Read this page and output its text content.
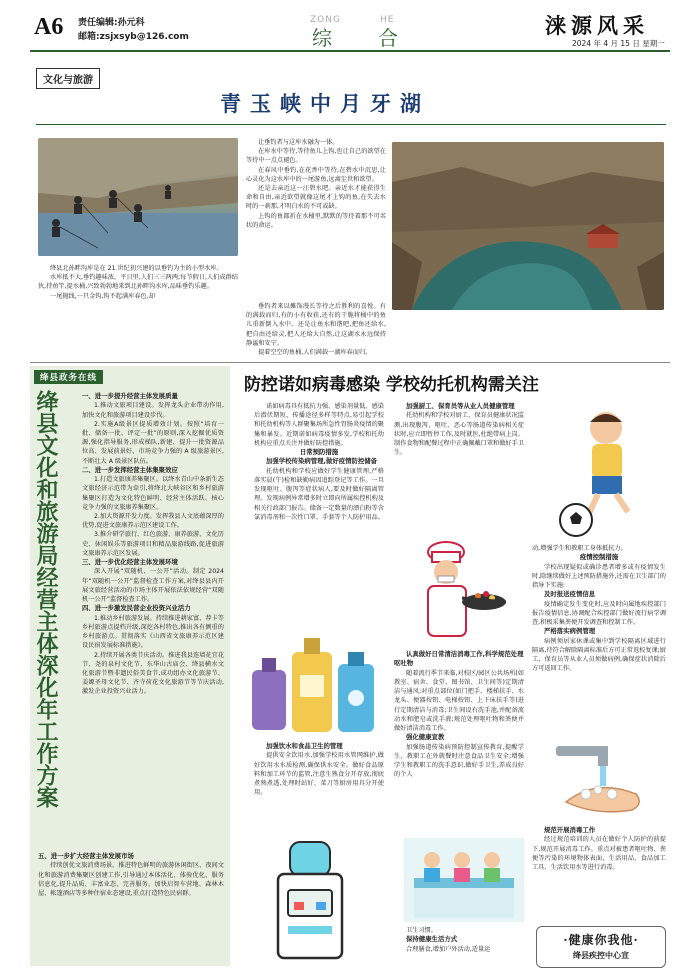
A6 责任编辑:孙元科
邮箱:zsjxsyb@126.com
ZONG	HE
综 合	涞源风采
2024 年 4 月 15 日 星期一
文化与旅游
青玉峡中月牙湖

绛县北孙畔沟库是在 21 世纪初兴建的以垂钓为主的小型水库。

水库抵不大,垂钓趣味浓。平日里,人们三三两两;每节假日,人们成群结伙,持鱼竿,提水桶,兴致勃勃地来到北孙畔沟水库,品味垂钓乐趣。

一尾抛线,一只金钩,钩不起满库春色,却

让垂钓者与这库水融为一体。

在库水中等待,等待鱼儿上钩,也让自己的欲望在等待中一点点褪色。

在春风中垂钓,在花香中等待,在碧水中沉思,让心灵化为这水库中的一尾游鱼,远离尘世和欲望。

还是去亲近这一汪碧水吧。亲近水才能获得生命和自由,亲近欲望就像这尾才上钩的鱼,在失去水时的一刹那,才明白水的不可或缺。

上钩的鱼都祈在水桶里,默默的等待着那不可名状的命运。

垂钓者来以摊饰漫长等待之后胜利的喜悦。有的满载而归,有的小有收获,还有的干脆将桶中的鱼儿重新倒入水中。还是让鱼水和谐吧,把鱼还给水,把自由还给灵,把人还给大自然,让这湖水永远保持静谧和安宁。

提着空空的鱼桶,人们满载一湖库春而归。

绛县政务在线
绛县文化和旅游局经营主体深化年工作方案	一、进一步提升经营主体发展质量
1.推动文旅项目建设。发挥龙头企业带动作用,加快文化和旅游项目建设步伐。
2.实施A级景区提质增效计划。按照“培育一批、储备一批、评定一批”的原则,深入挖掘优质资源,强化指导服务,形成梯队,新建、提升一批资源品位高、发展前景好、市场竞争力强的 A 级旅游景区,不断壮大 A 级景区队伍。
二、进一步发挥经营主体集聚效应
1.打造文旅康养集聚区。以绛水青山中条新生态文旅经济示范带为牵引,将绛北大峡谷区和乡村旅游集聚区打造为文化特色鲜明、经营主体活跃、核心竞争力强的文旅康养集聚区。
2.加大资源开发力度。发挥我县人文底蕴深厚的优势,促进文旅康养示范区建设工作。
3.推介研学旅行、红色旅游、康养旅游、文化历史、休闲娱乐等旅游项目和精品旅游线路,促进旅游文旅康养示范区发展。
三、进一步优化经营主体发展环境
深入开展“双随机、一公开”活动。制定 2024 年“双随机一公开”监督检查工作方案,对绛县县内开展文旅经营活动的市场主体开展依法依规经营“双随机一公开”监督检查工作。
四、进一步激发民营企业投资兴业活力
1.推动乡村旅游发展。持续推进耕家富、荐卡等乡村旅游点提档升级,深挖各村特色,推出各有侧重的乡村旅游点。贯彻落实《山西省文旅康养示范区建设民宿发展标准措施》。
2.持续开展各类节庆活动。推进我县连墙花宜花节、尧的泉村文化节、东华山古庙会、绛县横水文化旅游节暨非遗民俗美食节,成功组办文化旅游节、姜嫄圣母文化节、齐寺荷花文化旅游节等节庆活动,激发企业投资兴业活力。
五、进一步扩大经营主体发展市场
持续创优文旅消费场景。推进特色鲜明的旅游休闲街区、夜间文化和旅游消费集聚区创建工作,引导通过本体活化、体验优化、服务信息化,提升品质、丰富业态、完善服务。加快启智车营地、森林木屋、帐篷酒店等多种住宿业态建设,重点打造特色民宿群。
防控诺如病毒感染 学校幼托机构需关注

诺如病毒具有抵抗力强、感染剂量低、感染后潜伏期短、传播途径多样等特点,易引起学校和托幼机构等人群聚集场所急性胃肠炎疫情的聚集和暴发。近期诺如病毒疫情多发,学校和托幼机构应重点关注并做好防控措施。

日常预防措施

加强学校传染病管理,做好疫情防控储备

托幼机构和学校应做好学生健康管理,严格落实晨(午)检和缺勤病因追踪登记等工作。一旦发现呕吐、腹泻等症状病人,要及时做好隔离管理。发现病例异常增多时立即向所属疾控机构及相关行政部门报告。储备一定数量的漂白粉等含氯消毒剂和一次性口罩、手套等个人防护用品。

加强饮水和食品卫生的管理

提供安全饮用水,加强学校用水管网维护,做好饮用水水质检测,确保供水安全。做好食品原料和加工环节的监管,注意生熟食分开存放,彻底煮熟煮透,处理时站好、菜刀等厨房用具分开使用。

加强厨工、保育员等从业人员健康管理

托幼机构和学校对厨工、保育员健康状况监测,出现腹泻、呕吐、恶心等肠道传染病相关症状时,应立即暂停工作,及时就医,杜绝带病上岗。制作食物和配餐过程中正确佩戴口罩和做好手卫生。

认真做好日常清洁消毒工作,科学规范处理呕吐物

随着流行季节来临,对校区/园区公共场所(如教室、宿舍、食堂、图书馆、卫生间等)定期清洁与通风;对重点部位(如门把手、楼梯扶手、水龙头、便器按钮、电梯按钮、上下床扶手等)进行定期清洁与消毒;卫生间设有洗手池,并配备流动水和肥皂或洗手液;规范处理呕吐物和粪便并做好清洁消毒工作。

强化健康宣教

加强肠道传染病预防控制宣传教育,提醒学生、教职工在外就餐时注意食品卫生安全;增强学生和教职工的洗手意识,做好手卫生,养成良好的个人

卫生习惯。

保持健康生活方式

合理膳食,增加户外活动,适量运

动,增强学生和教职工身体抵抗力。

疫情控制措施

学校出现疑似或确诊患者增多或有疫情发生时,除继续做好上述预防措施外,还需在卫生部门的指导下实施:

及时报送疫情信息

疫情确定发生变化时,应及时向属地疾控部门报告疫情信息,协调配合疾控部门做好流行病学调查,积极采集粪便开发调查和控制工作。

严格落实病例管理

病例须居家休课或集中到学校隔离区域进行隔离,待符合解除隔离标准后方可正常返校复课;厨工、保育员等从业人员须做病例,确保症状消除后方可返回工作。

规范开展消毒工作

经过规范培训的人员在做好个人防护的前提下,规范开展消毒工作。重点对被患者呕吐物、粪便等污染的环境物体表面、生活用品、食品加工工具、生活饮用水等进行消毒。

·健康你我他·
绛县疾控中心宣
